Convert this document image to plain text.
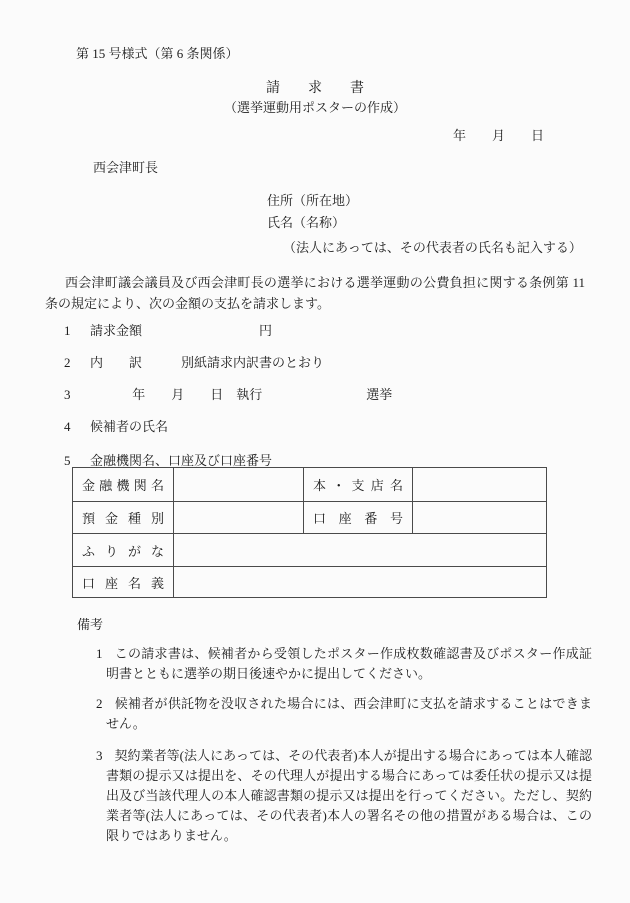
第 15 号様式（第 6 条関係）
請　　求　　書
（選挙運動用ポスターの作成）
年　　月　　日
西会津町長
住所（所在地）
氏名（名称）
（法人にあっては、その代表者の氏名も記入する）
西会津町議会議員及び西会津町長の選挙における選挙運動の公費負担に関する条例第 11条の規定により、次の金額の支払を請求します。
1 請求金額　　　　　　　　　円
2 内　　訳　　　別紙請求内訳書のとおり
3　　　 年　　月　　日　執行　　　　　　　　選挙
4 候補者の氏名
5 金融機関名、口座及び口座番号
金 融 機 関 名		本 ・ 支 店 名	

預 金 種 別		口 座 番 号	

ふ り が な			

口 座 名 義			

備考
1 この請求書は、候補者から受領したポスター作成枚数確認書及びポスター作成証明書とともに選挙の期日後速やかに提出してください。
2 候補者が供託物を没収された場合には、西会津町に支払を請求することはできません。
3 契約業者等(法人にあっては、その代表者)本人が提出する場合にあっては本人確認書類の提示又は提出を、その代理人が提出する場合にあっては委任状の提示又は提出及び当該代理人の本人確認書類の提示又は提出を行ってください。ただし、契約業者等(法人にあっては、その代表者)本人の署名その他の措置がある場合は、この限りではありません。
